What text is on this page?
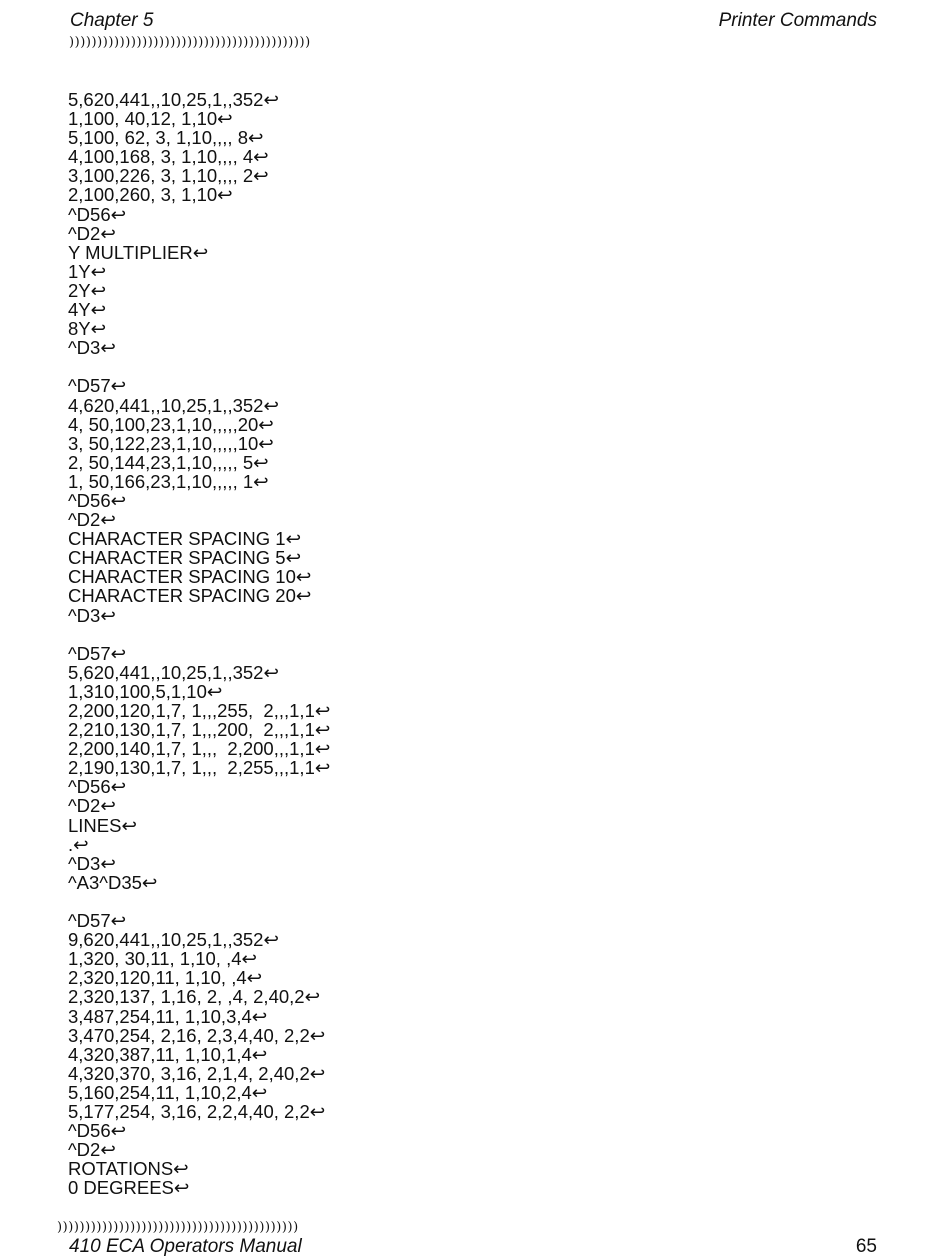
Chapter 5	Printer Commands
)))))))))))))))))))))))))))))))))))))))))))
5,620,441,,10,25,1,,352↩
1,100, 40,12, 1,10↩
5,100, 62, 3, 1,10,,,, 8↩
4,100,168, 3, 1,10,,,, 4↩
3,100,226, 3, 1,10,,,, 2↩
2,100,260, 3, 1,10↩
^D56↩
^D2↩
Y MULTIPLIER↩
1Y↩
2Y↩
4Y↩
8Y↩
^D3↩
^D57↩
4,620,441,,10,25,1,,352↩
4, 50,100,23,1,10,,,,,20↩
3, 50,122,23,1,10,,,,,10↩
2, 50,144,23,1,10,,,,, 5↩
1, 50,166,23,1,10,,,,, 1↩
^D56↩
^D2↩
CHARACTER SPACING 1↩
CHARACTER SPACING 5↩
CHARACTER SPACING 10↩
CHARACTER SPACING 20↩
^D3↩
^D57↩
5,620,441,,10,25,1,,352↩
1,310,100,5,1,10↩
2,200,120,1,7, 1,,,255,  2,,,1,1↩
2,210,130,1,7, 1,,,200,  2,,,1,1↩
2,200,140,1,7, 1,,,  2,200,,,1,1↩
2,190,130,1,7, 1,,,  2,255,,,1,1↩
^D56↩
^D2↩
LINES↩
.↩
^D3↩
^A3^D35↩
^D57↩
9,620,441,,10,25,1,,352↩
1,320, 30,11, 1,10, ,4↩
2,320,120,11, 1,10, ,4↩
2,320,137, 1,16, 2, ,4, 2,40,2↩
3,487,254,11, 1,10,3,4↩
3,470,254, 2,16, 2,3,4,40, 2,2↩
4,320,387,11, 1,10,1,4↩
4,320,370, 3,16, 2,1,4, 2,40,2↩
5,160,254,11, 1,10,2,4↩
5,177,254, 3,16, 2,2,4,40, 2,2↩
^D56↩
^D2↩
ROTATIONS↩
0 DEGREES↩
)))))))))))))))))))))))))))))))))))))))))))
410 ECA Operators Manual	65
